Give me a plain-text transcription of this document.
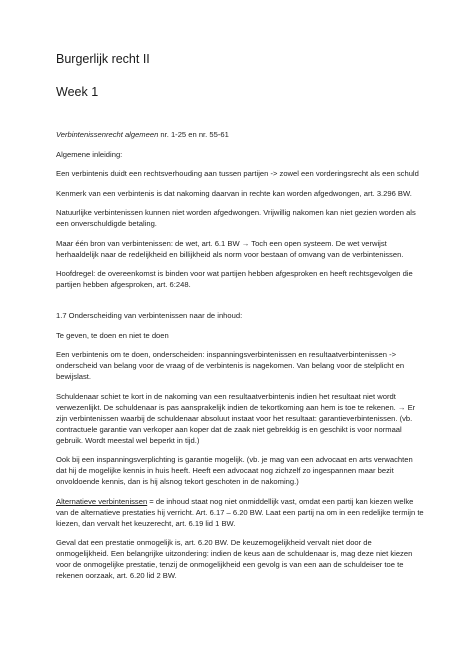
Burgerlijk recht II
Week 1

Verbintenissenrecht algemeen nr. 1-25 en nr. 55-61

Algemene inleiding:

Een verbintenis duidt een rechtsverhouding aan tussen partijen -> zowel een vorderingsrecht als een schuld

Kenmerk van een verbintenis is dat nakoming daarvan in rechte kan worden afgedwongen, art. 3.296 BW.

Natuurlijke verbintenissen kunnen niet worden afgedwongen. Vrijwillig nakomen kan niet gezien worden als een onverschuldigde betaling.

Maar één bron van verbintenissen: de wet, art. 6.1 BW → Toch een open systeem. De wet verwijst herhaaldelijk naar de redelijkheid en billijkheid als norm voor bestaan of omvang van de verbintenissen.

Hoofdregel: de overeenkomst is binden voor wat partijen hebben afgesproken en heeft rechtsgevolgen die partijen hebben afgesproken, art. 6:248.

1.7 Onderscheiding van verbintenissen naar de inhoud:

Te geven, te doen en niet te doen

Een verbintenis om te doen, onderscheiden: inspanningsverbintenissen en resultaatverbintenissen -> onderscheid van belang voor de vraag of de verbintenis is nagekomen. Van belang voor de stelplicht en bewijslast.

Schuldenaar schiet te kort in de nakoming van een resultaatverbintenis indien het resultaat niet wordt verwezenlijkt. De schuldenaar is pas aansprakelijk indien de tekortkoming aan hem is toe te rekenen. → Er zijn verbintenissen waarbij de schuldenaar absoluut instaat voor het resultaat: garantieverbintenissen. (vb. contractuele garantie van verkoper aan koper dat de zaak niet gebrekkig is en geschikt is voor normaal gebruik. Wordt meestal wel beperkt in tijd.)

Ook bij een inspanningsverplichting is garantie mogelijk. (vb. je mag van een advocaat en arts verwachten dat hij de mogelijke kennis in huis heeft. Heeft een advocaat nog zichzelf zo ingespannen maar bezit onvoldoende kennis, dan is hij alsnog tekort geschoten in de nakoming.)

Alternatieve verbintenissen = de inhoud staat nog niet onmiddellijk vast, omdat een partij kan kiezen welke van de alternatieve prestaties hij verricht. Art. 6.17 – 6.20 BW. Laat een partij na om in een redelijke termijn te kiezen, dan vervalt het keuzerecht, art. 6.19 lid 1 BW.

Geval dat een prestatie onmogelijk is, art. 6.20 BW. De keuzemogelijkheid vervalt niet door de onmogelijkheid. Een belangrijke uitzondering: indien de keus aan de schuldenaar is, mag deze niet kiezen voor de onmogelijke prestatie, tenzij de onmogelijkheid een gevolg is van een aan de schuldeiser toe te rekenen oorzaak, art. 6.20 lid 2 BW.
